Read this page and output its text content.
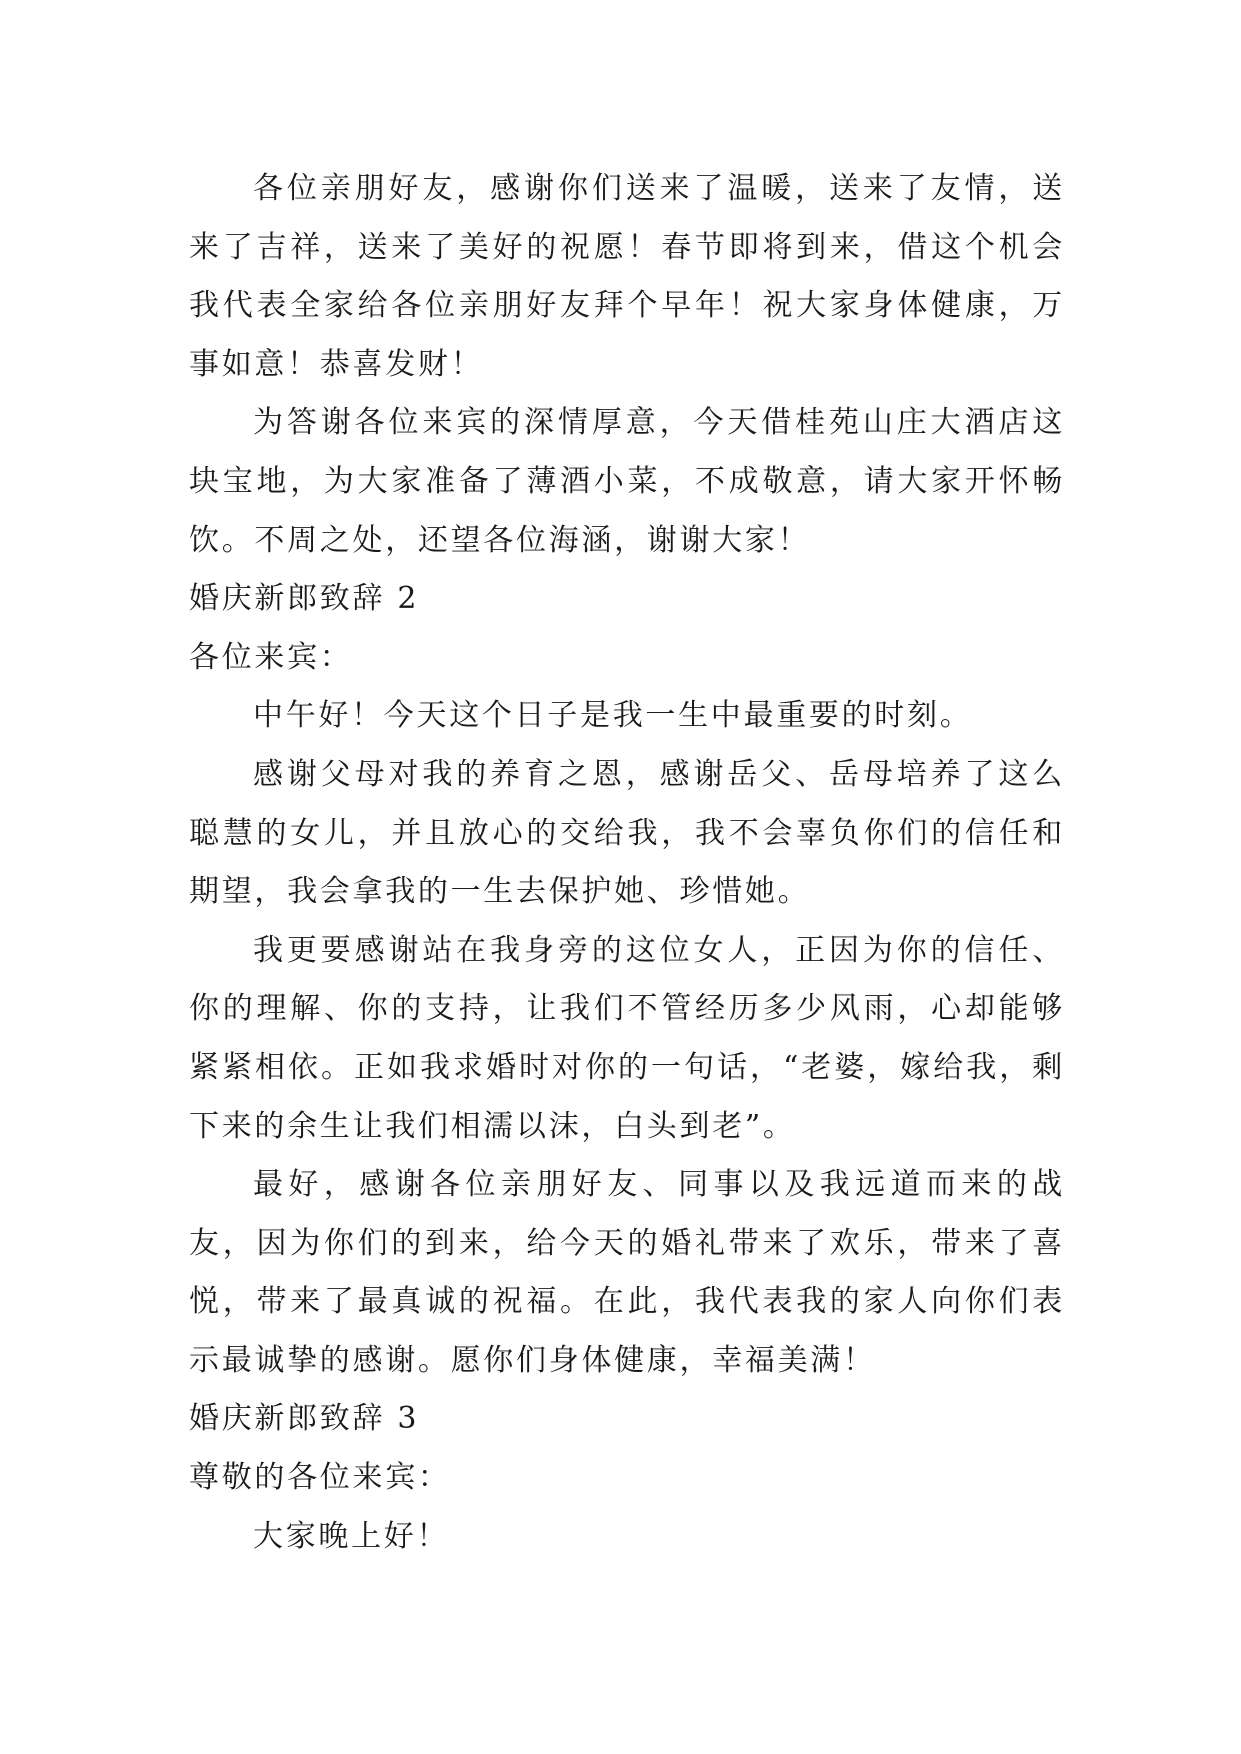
各位亲朋好友，感谢你们送来了温暖，送来了友情，送来了吉祥，送来了美好的祝愿！春节即将到来，借这个机会我代表全家给各位亲朋好友拜个早年！祝大家身体健康，万事如意！恭喜发财！

为答谢各位来宾的深情厚意，今天借桂苑山庄大酒店这块宝地，为大家准备了薄酒小菜，不成敬意，请大家开怀畅饮。不周之处，还望各位海涵，谢谢大家！

婚庆新郎致辞 2

各位来宾：

中午好！今天这个日子是我一生中最重要的时刻。

感谢父母对我的养育之恩，感谢岳父、岳母培养了这么聪慧的女儿，并且放心的交给我，我不会辜负你们的信任和期望，我会拿我的一生去保护她、珍惜她。

我更要感谢站在我身旁的这位女人，正因为你的信任、你的理解、你的支持，让我们不管经历多少风雨，心却能够紧紧相依。正如我求婚时对你的一句话，“老婆，嫁给我，剩下来的余生让我们相濡以沫，白头到老”。

最好，感谢各位亲朋好友、同事以及我远道而来的战友，因为你们的到来，给今天的婚礼带来了欢乐，带来了喜悦，带来了最真诚的祝福。在此，我代表我的家人向你们表示最诚挚的感谢。愿你们身体健康，幸福美满！

婚庆新郎致辞 3

尊敬的各位来宾：

大家晚上好！
